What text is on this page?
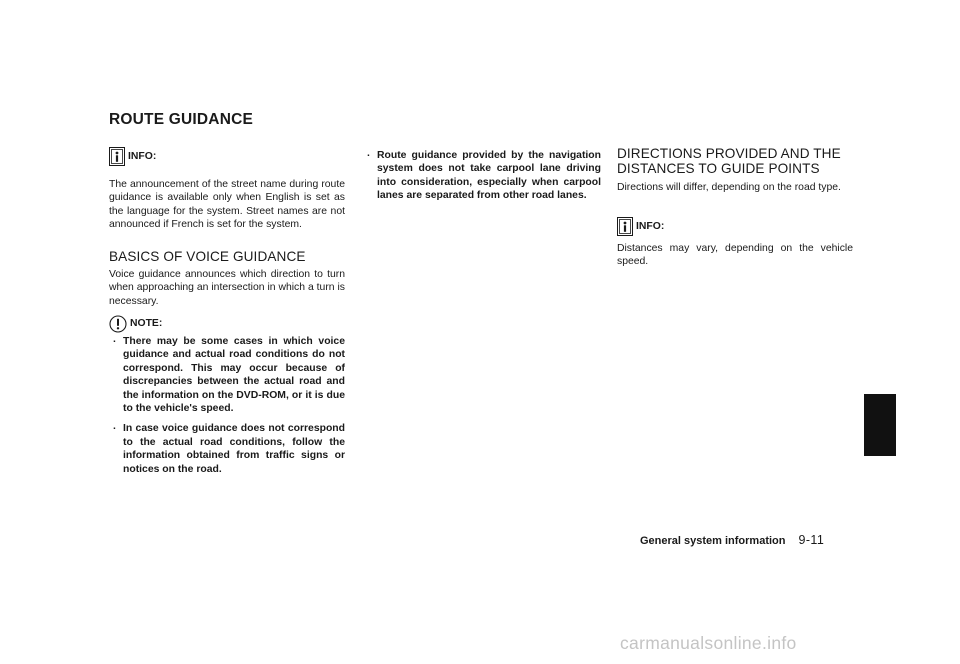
ROUTE GUIDANCE
INFO:

The announcement of the street name during route guidance is available only when English is set as the language for the system. Street names are not announced if French is set for the system.

BASICS OF VOICE GUIDANCE

Voice guidance announces which direction to turn when approaching an intersection in which a turn is necessary.

NOTE:
. There may be some cases in which voice guidance and actual road conditions do not correspond. This may occur because of discrepancies between the actual road and the information on the DVD-ROM, or it is due to the vehicle's speed.
. In case voice guidance does not correspond to the actual road conditions, follow the information obtained from traffic signs or notices on the road.
. Route guidance provided by the navigation system does not take carpool lane driving into consideration, especially when carpool lanes are separated from other road lanes.
DIRECTIONS PROVIDED AND THE DISTANCES TO GUIDE POINTS

Directions will differ, depending on the road type.

INFO:

Distances may vary, depending on the vehicle speed.

General system information 9-11
carmanualsonline.info
